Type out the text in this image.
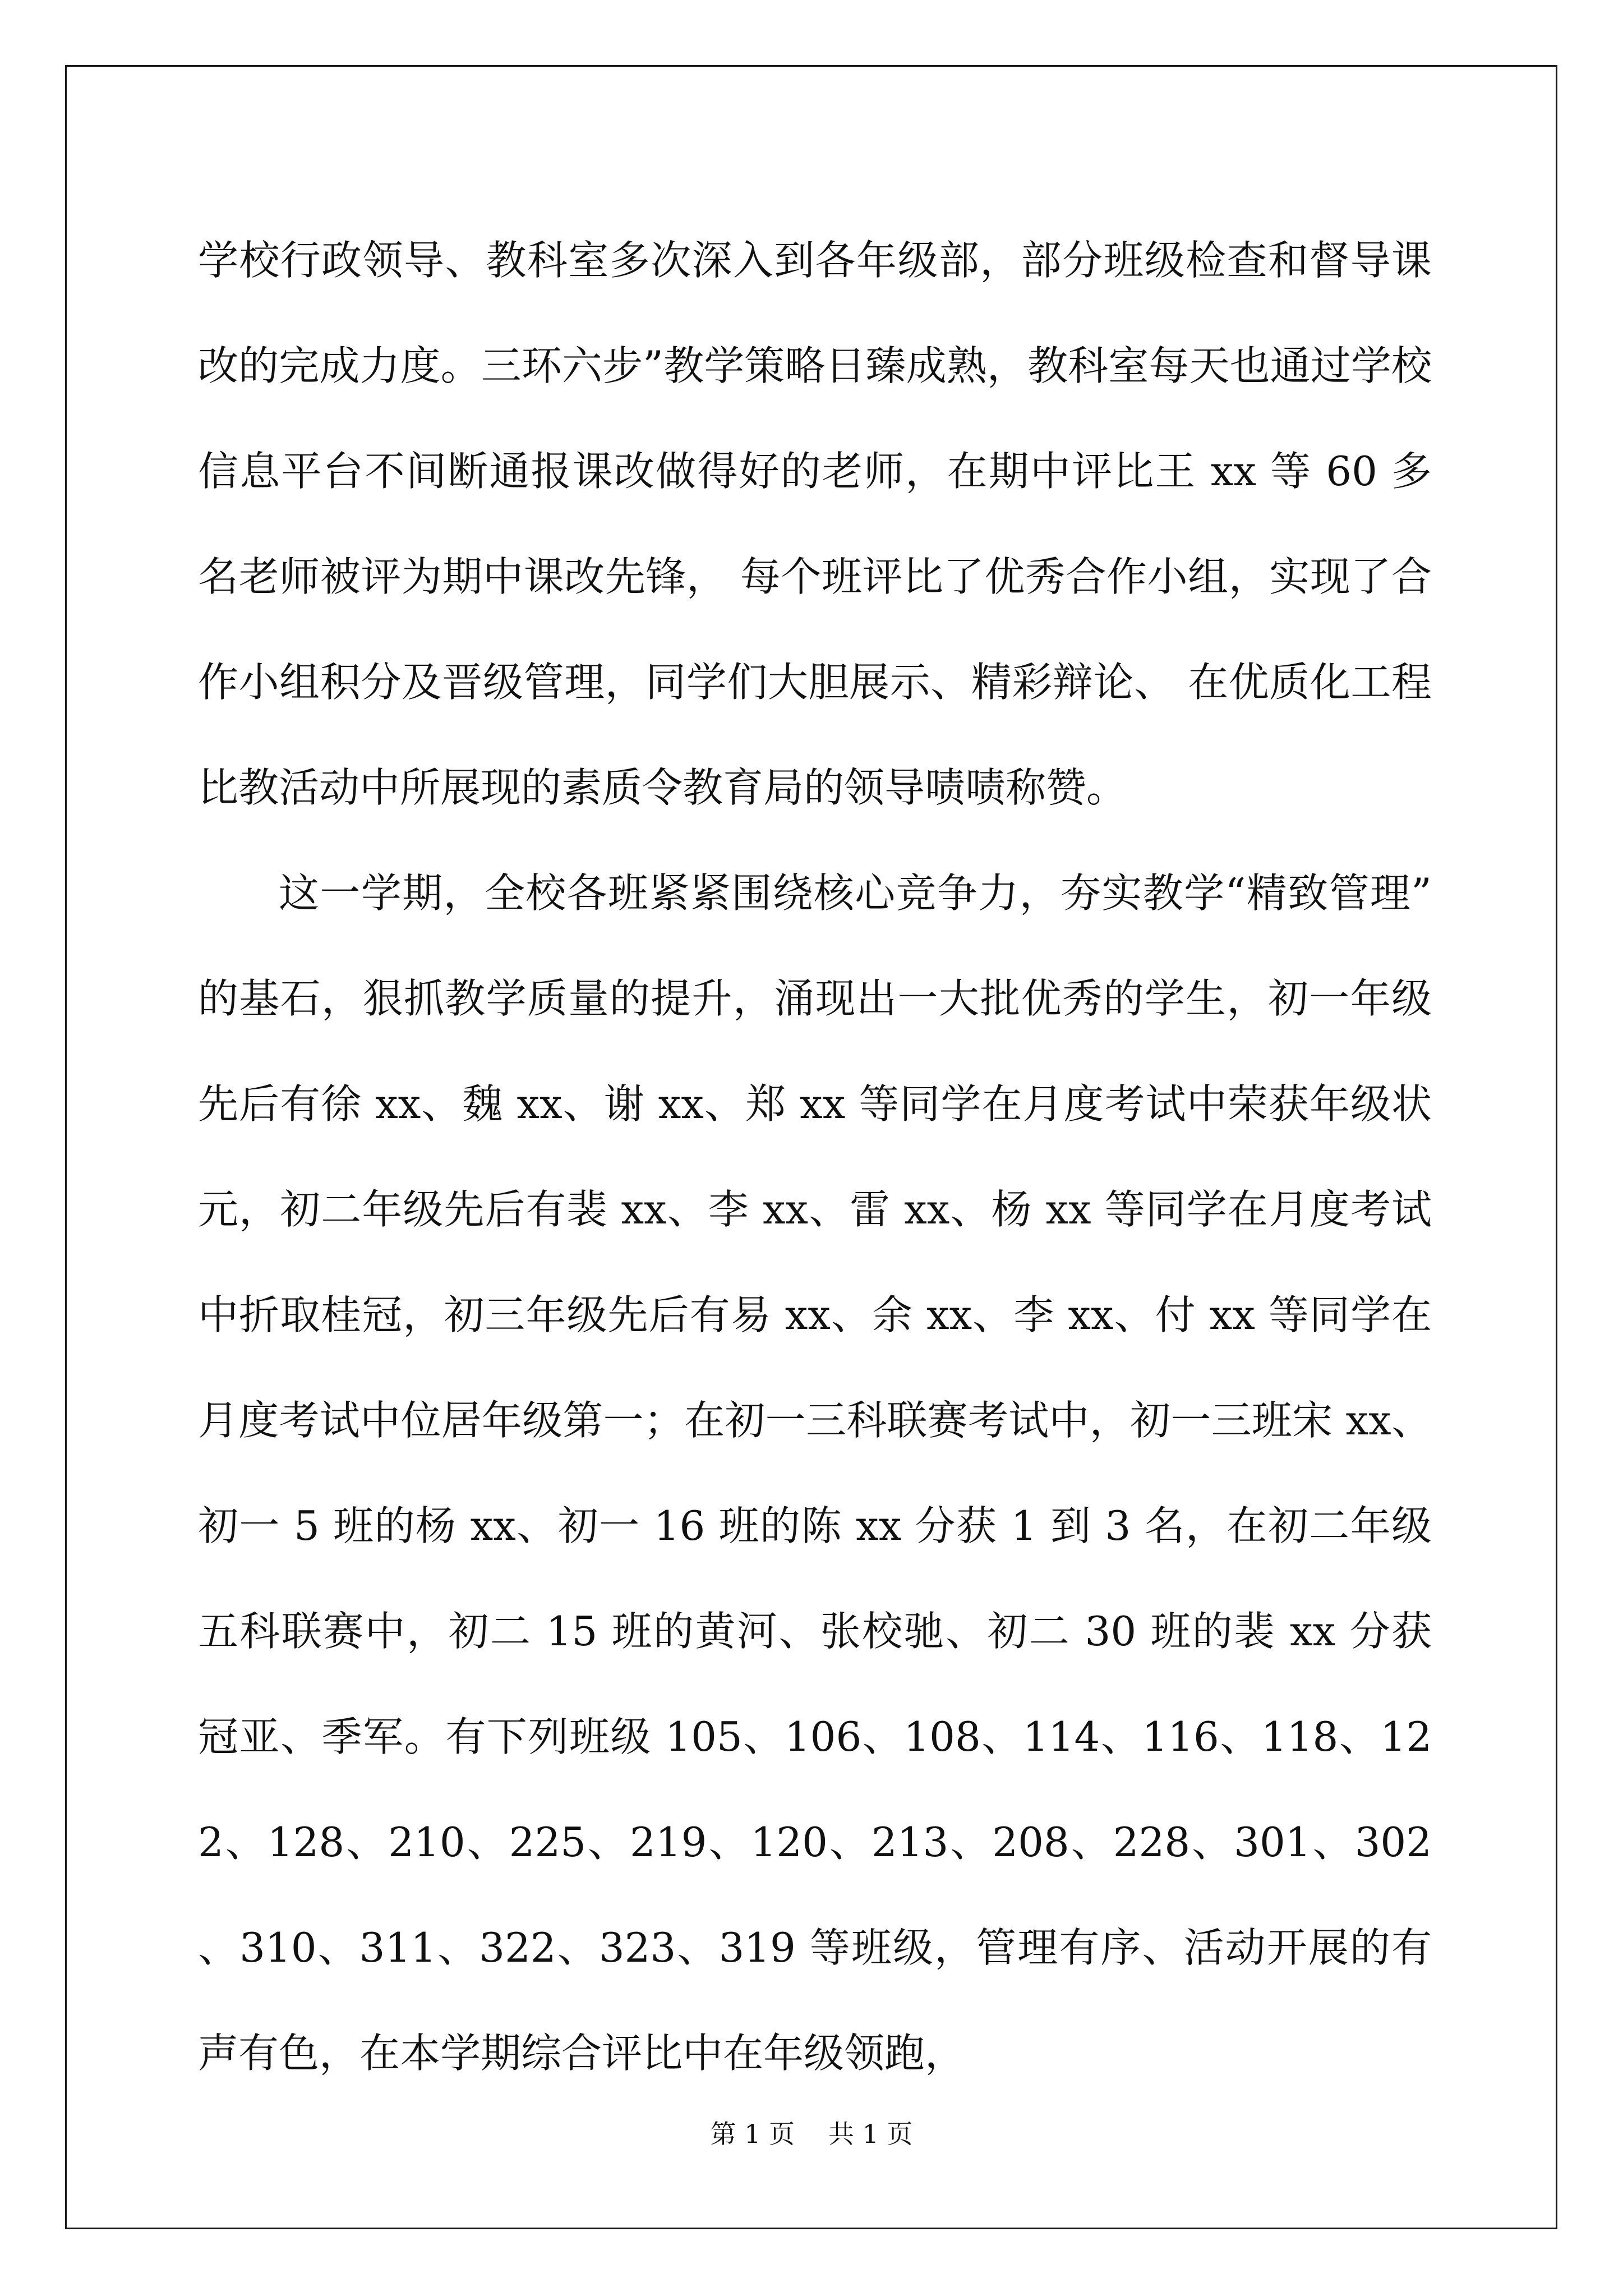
学校行政领导、教科室多次深入到各年级部，部分班级检查和督导课改的完成力度。三环六步”教学策略日臻成熟，教科室每天也通过学校信息平台不间断通报课改做得好的老师，在期中评比王 xx 等 60 多名老师被评为期中课改先锋， 每个班评比了优秀合作小组，实现了合作小组积分及晋级管理，同学们大胆展示、精彩辩论、 在优质化工程比教活动中所展现的素质令教育局的领导啧啧称赞。

这一学期，全校各班紧紧围绕核心竞争力，夯实教学“精致管理”的基石，狠抓教学质量的提升，涌现出一大批优秀的学生，初一年级先后有徐 xx、魏 xx、谢 xx、郑 xx 等同学在月度考试中荣获年级状元，初二年级先后有裴 xx、李 xx、雷 xx、杨 xx 等同学在月度考试中折取桂冠，初三年级先后有易 xx、余 xx、李 xx、付 xx 等同学在月度考试中位居年级第一；在初一三科联赛考试中，初一三班宋 xx、初一 5 班的杨 xx、初一 16 班的陈 xx 分获 1 到 3 名，在初二年级五科联赛中，初二 15 班的黄河、张校驰、初二 30 班的裴 xx 分获冠亚、季军。有下列班级 105、106、108、114、116、118、122、128、210、225、219、120、213、208、228、301、302、310、311、322、323、319 等班级，管理有序、活动开展的有声有色，在本学期综合评比中在年级领跑，

第 1 页 共 1 页
